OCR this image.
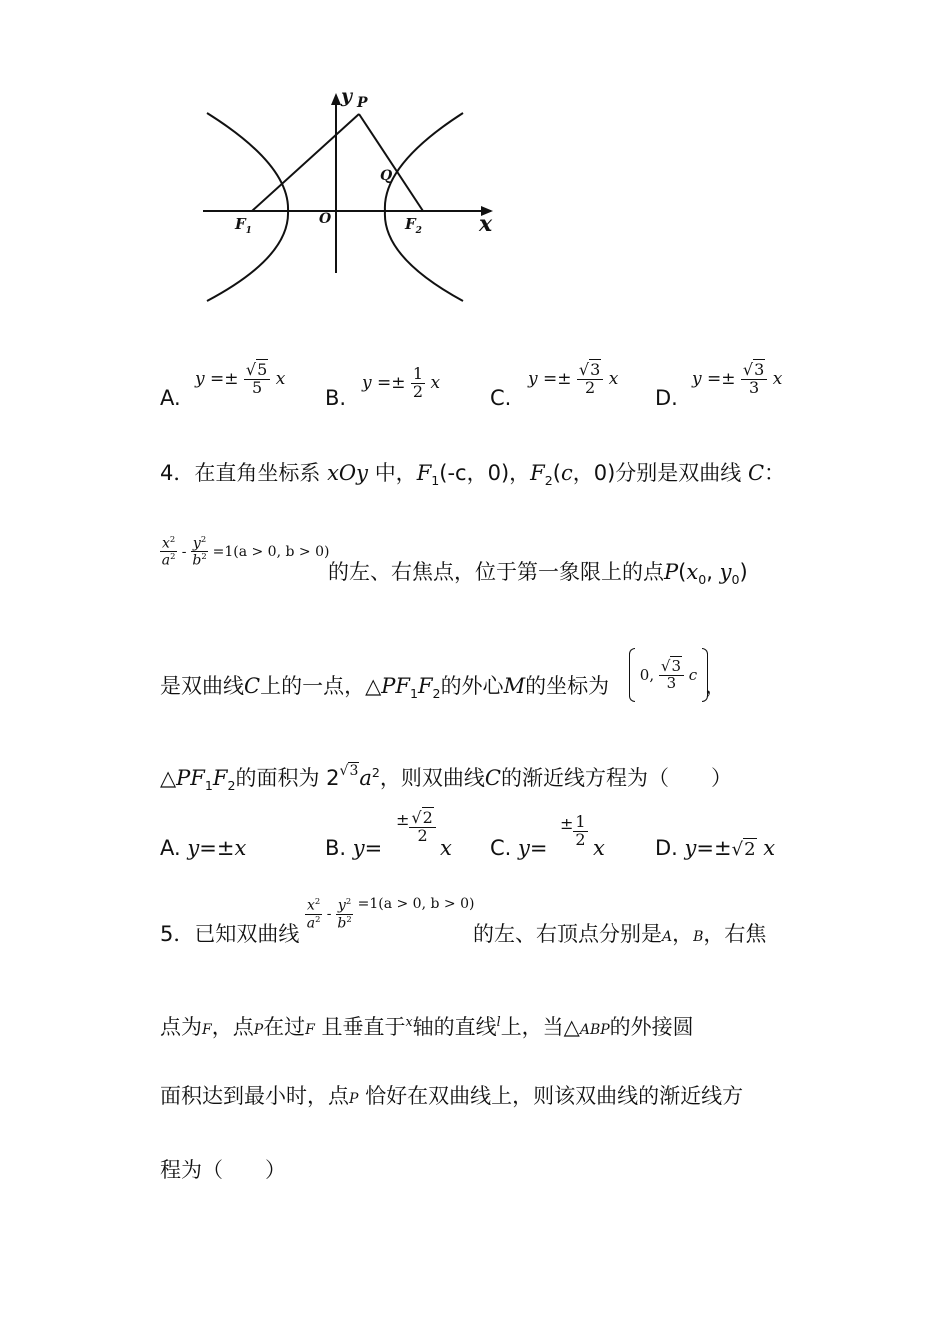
y P
Q
O
$F_1$	$F_2$	x
A.
$y =\pm \frac{√5}{5}$ x
B.
$y =\pm \frac{1}{2}$ x
C.
$y =\pm \frac{√3}{2}$ x
D.
$y =\pm \frac{√3}{3}$ x
4．在直角坐标系 xOy 中，$F_1(-c$，0)，$F_2(c$，0)分别是双曲线 C：
$\frac{x^2}{a^2} - \frac{y^2}{b^2} =1(a > 0$, b > 0)
的左、右焦点，位于第一象限上的点$P(x_0$, $y_0$)
是双曲线C上的一点，$\triangle PF_1F_2$的外心M的坐标为	0, $\frac{√3}{3}$ c ，
$\triangle PF_1F_2$的面积为 $2√3a^2$，则双曲线C的渐近线方程为（　　）
A. y=±x	B. y=
± $\frac{√2}{2}$
x C. y=
± $\frac{1}{2}$ x D. y=±√2 x
5．已知双曲线
$\frac{x^2}{a^2} - \frac{y^2}{b^2} =1(a > 0$, b > 0)
的左、右顶点分别是A，B，右焦
点为F，点P在过F 且垂直于$^x$轴的直线$^l$上，当△ABP的外接圆
面积达到最小时，点P 恰好在双曲线上，则该双曲线的渐近线方
程为（　　）
